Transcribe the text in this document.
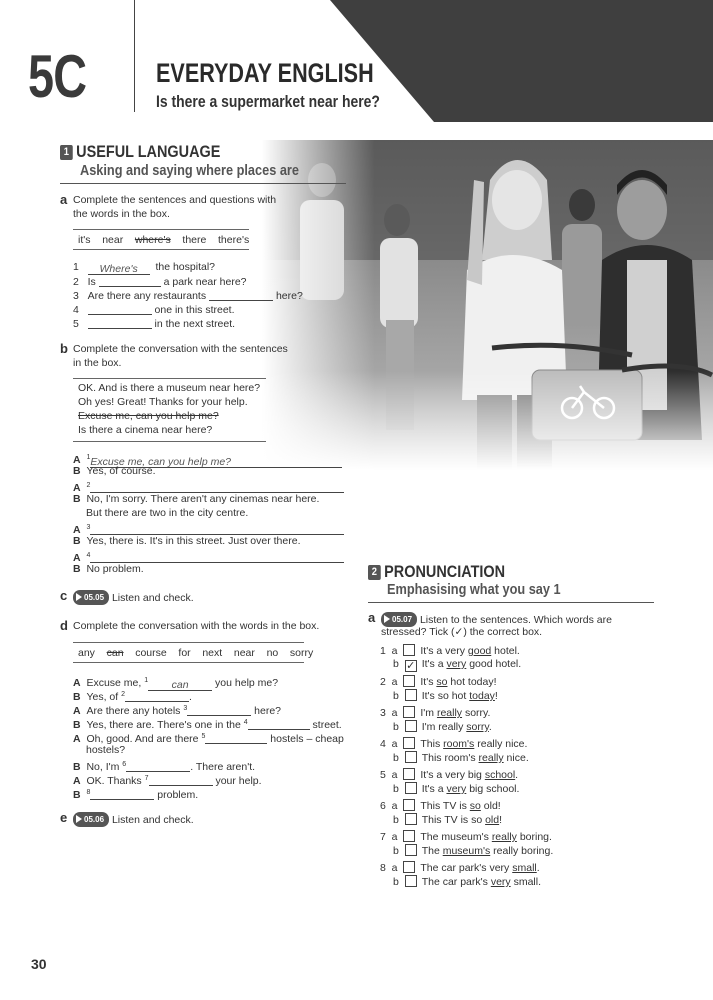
5C	EVERYDAY ENGLISH
Is there a supermarket near here?
1 USEFUL LANGUAGE
Asking and saying where places are
a Complete the sentences and questions with
the words in the box.
it's near where's there there's
1 Where's the hospital?
2 Is	a park near here?
3 Are there any restaurants	here?
4	one in this street.
5	in the next street.
b Complete the conversation with the sentences
in the box.
OK. And is there a museum near here?
Oh yes! Great! Thanks for your help.
Excuse me, can you help me?
Is there a cinema near here?
A $^1$Excuse me, can you help me?
B Yes, of course.
A $^2$
B No, I'm sorry. There aren't any cinemas near here.
But there are two in the city centre.
A $^3$
B Yes, there is. It's in this street. Just over there.
A $^4$
B No problem.
c	05.05 Listen and check.
d Complete the conversation with the words in the box.
any can course for next near no sorry
A Excuse me, $^1$ can	you help me?
B Yes, of $^2$	.
A Are there any hotels $^3$	here?
B Yes, there are. There's one in the $^4$	street.
A Oh, good. And are there $^5$	hostels – cheap
hostels?
B No, I'm $^6$	. There aren't.
A OK. Thanks $^7$	your help.
B $^8$	problem.
e	05.06 Listen and check.
2 PRONUNCIATION
Emphasising what you say 1
a	05.07 Listen to the sentences. Which words are
stressed? Tick (✓) the correct box.
1  a  It's a very good hotel.
b  ✓ It's a very good hotel.
2  a  It's so hot today!
b  It's so hot today!
3  a  I'm really sorry.
b  I'm really sorry.
4  a  This room's really nice.
b  This room's really nice.
5  a  It's a very big school.
b  It's a very big school.
6  a  This TV is so old!
b  This TV is so old!
7  a  The museum's really boring.
b  The museum's really boring.
8  a  The car park's very small.
b  The car park's very small.
30
